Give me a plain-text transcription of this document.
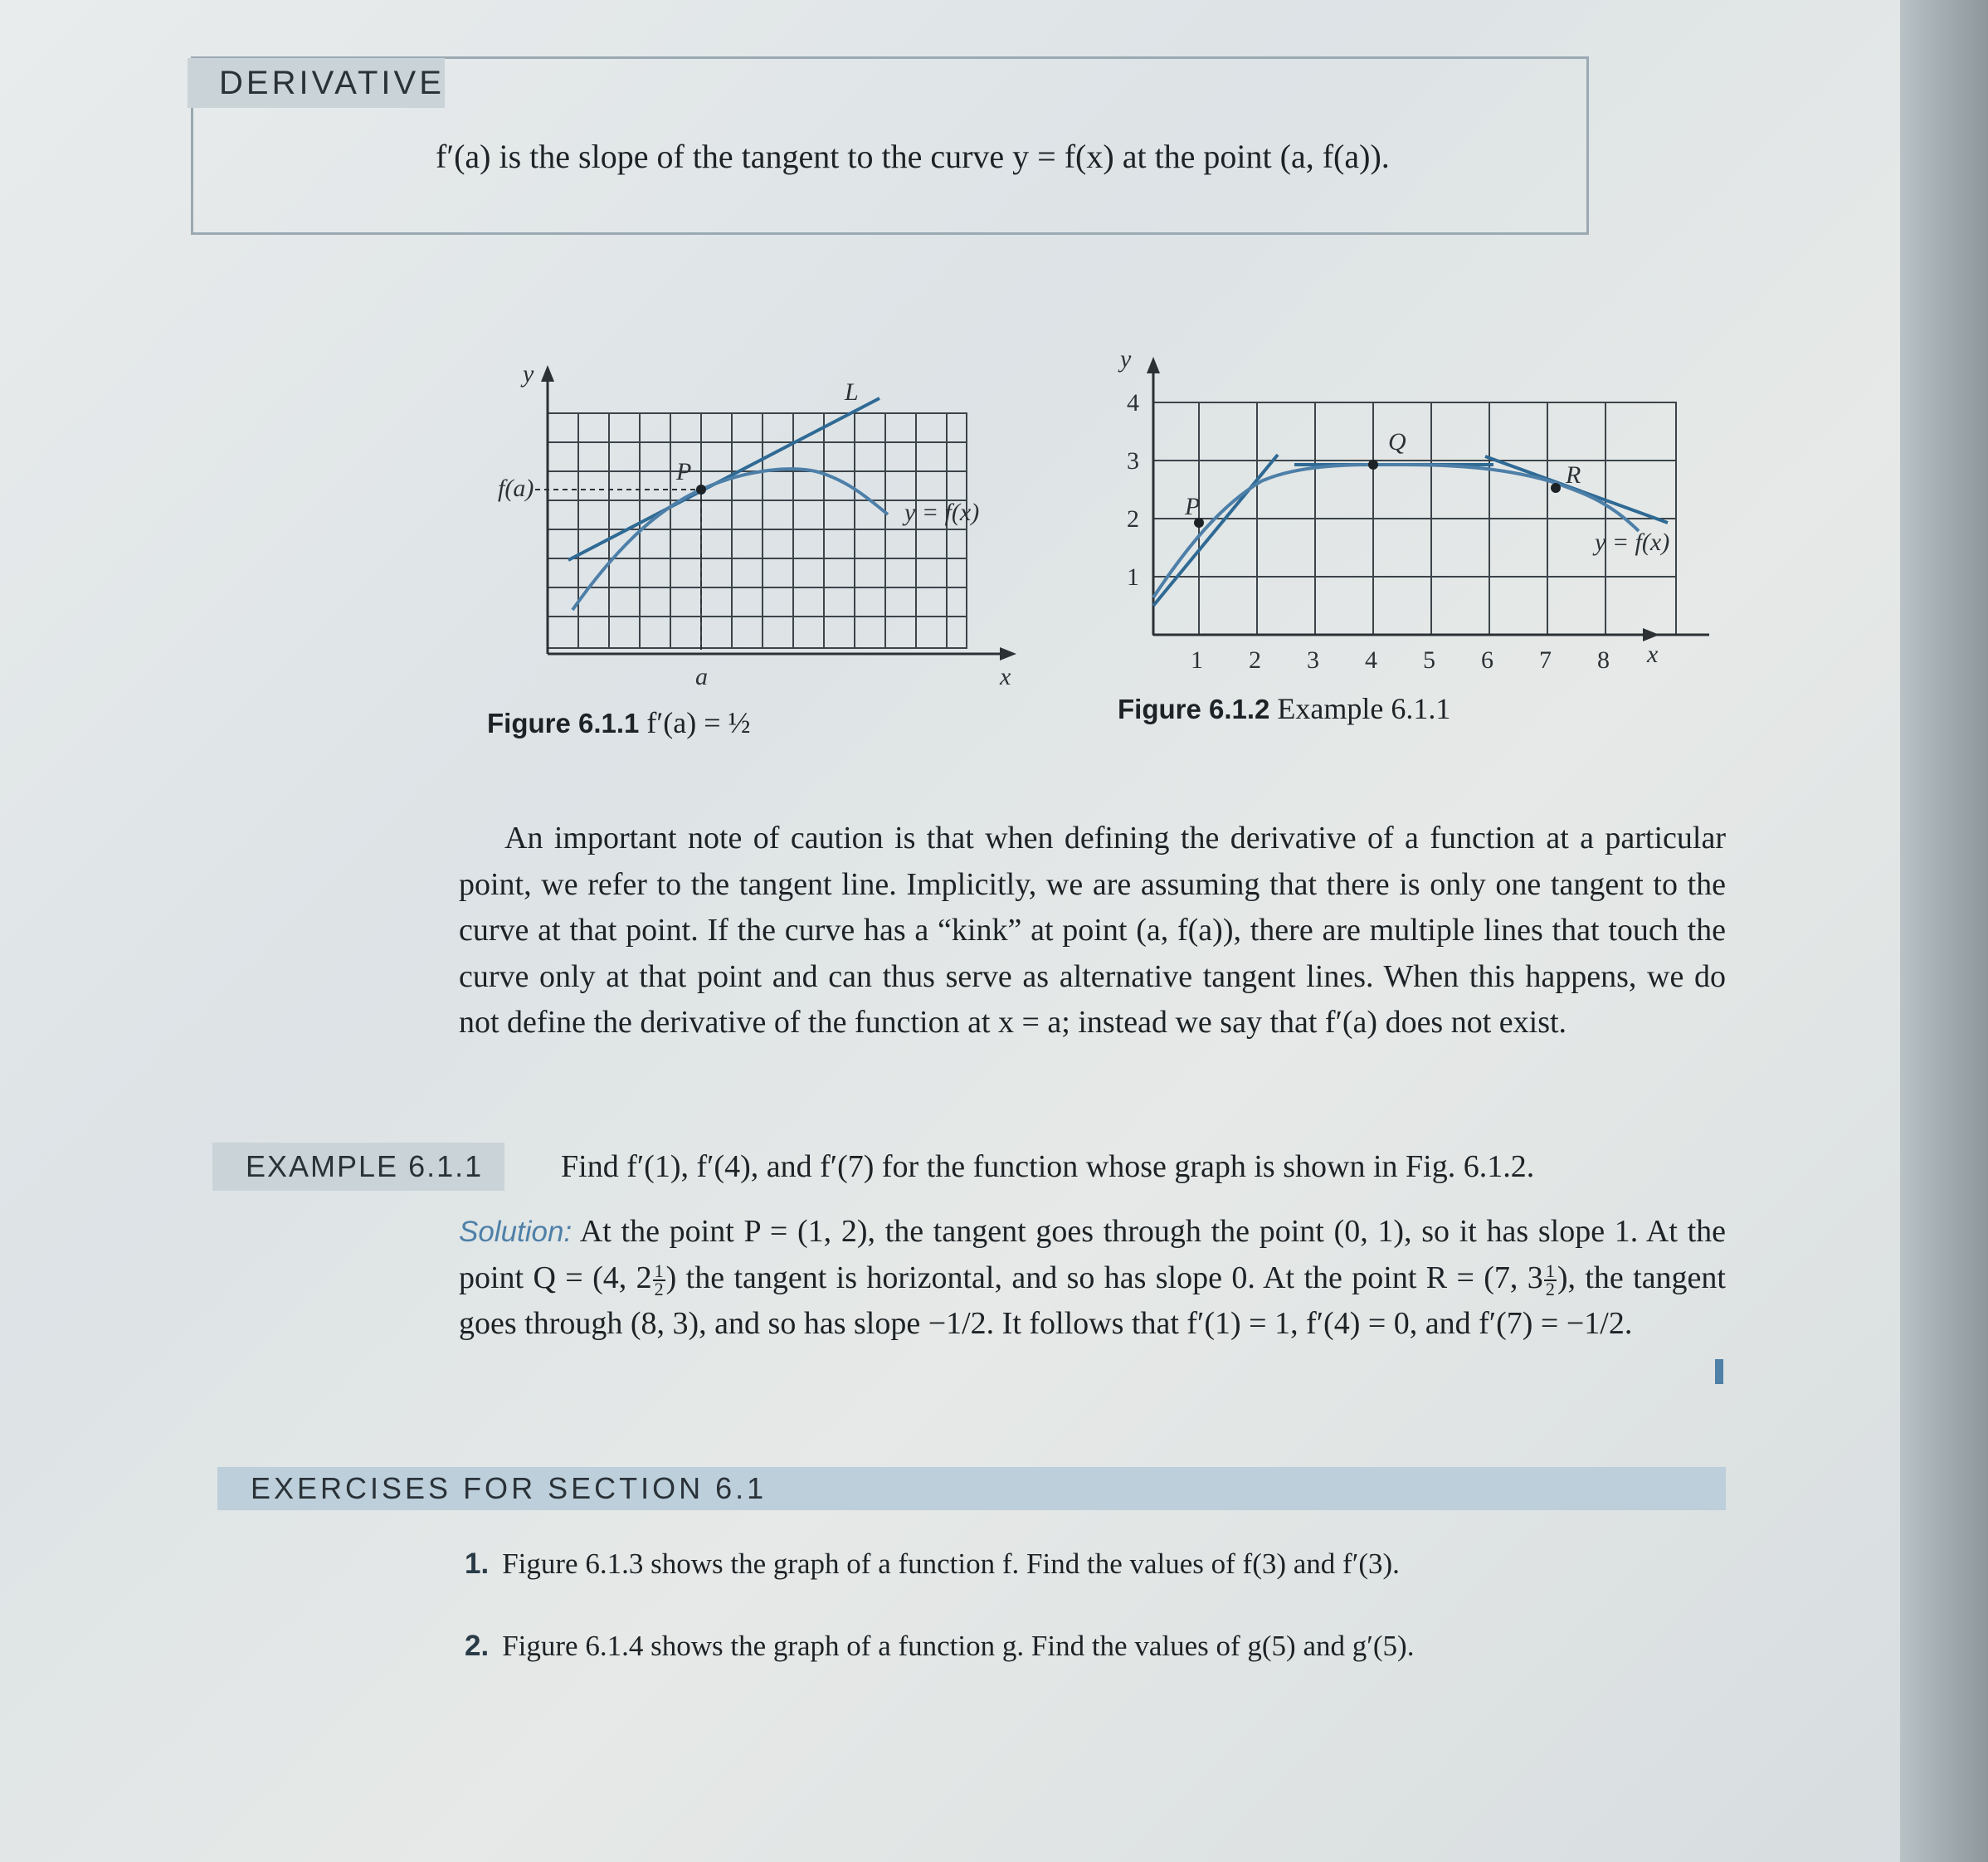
DERIVATIVE
f′(a) is the slope of the tangent to the curve y = f(x) at the point (a, f(a)).
f(a)
y
x
a
P
L
y = f(x)
Figure 6.1.1 f′(a) = ½
y
x
P
Q
R
y = f(x)
1 2 3 4 5 6 7 8
1
2
3
4
Figure 6.1.2 Example 6.1.1

An important note of caution is that when defining the derivative of a function at a particular point, we refer to the tangent line. Implicitly, we are assuming that there is only one tangent to the curve at that point. If the curve has a “kink” at point (a, f(a)), there are multiple lines that touch the curve only at that point and can thus serve as alternative tangent lines. When this happens, we do not define the derivative of the function at x = a; instead we say that f′(a) does not exist.

EXAMPLE 6.1.1	Find f′(1), f′(4), and f′(7) for the function whose graph is shown in Fig. 6.1.2.

Solution: At the point P = (1, 2), the tangent goes through the point (0, 1), so it has slope 1. At the point Q = (4, $2 \frac{1}{2}$ ) the tangent is horizontal, and so has slope 0. At the point R = (7, $3 \frac{1}{2}$ ), the tangent goes through (8, 3), and so has slope −1/2. It follows that f′(1) = 1, f′(4) = 0, and f′(7) = −1/2.

EXERCISES FOR SECTION 6.1
1. Figure 6.1.3 shows the graph of a function f. Find the values of f(3) and f′(3).
2. Figure 6.1.4 shows the graph of a function g. Find the values of g(5) and g′(5).
